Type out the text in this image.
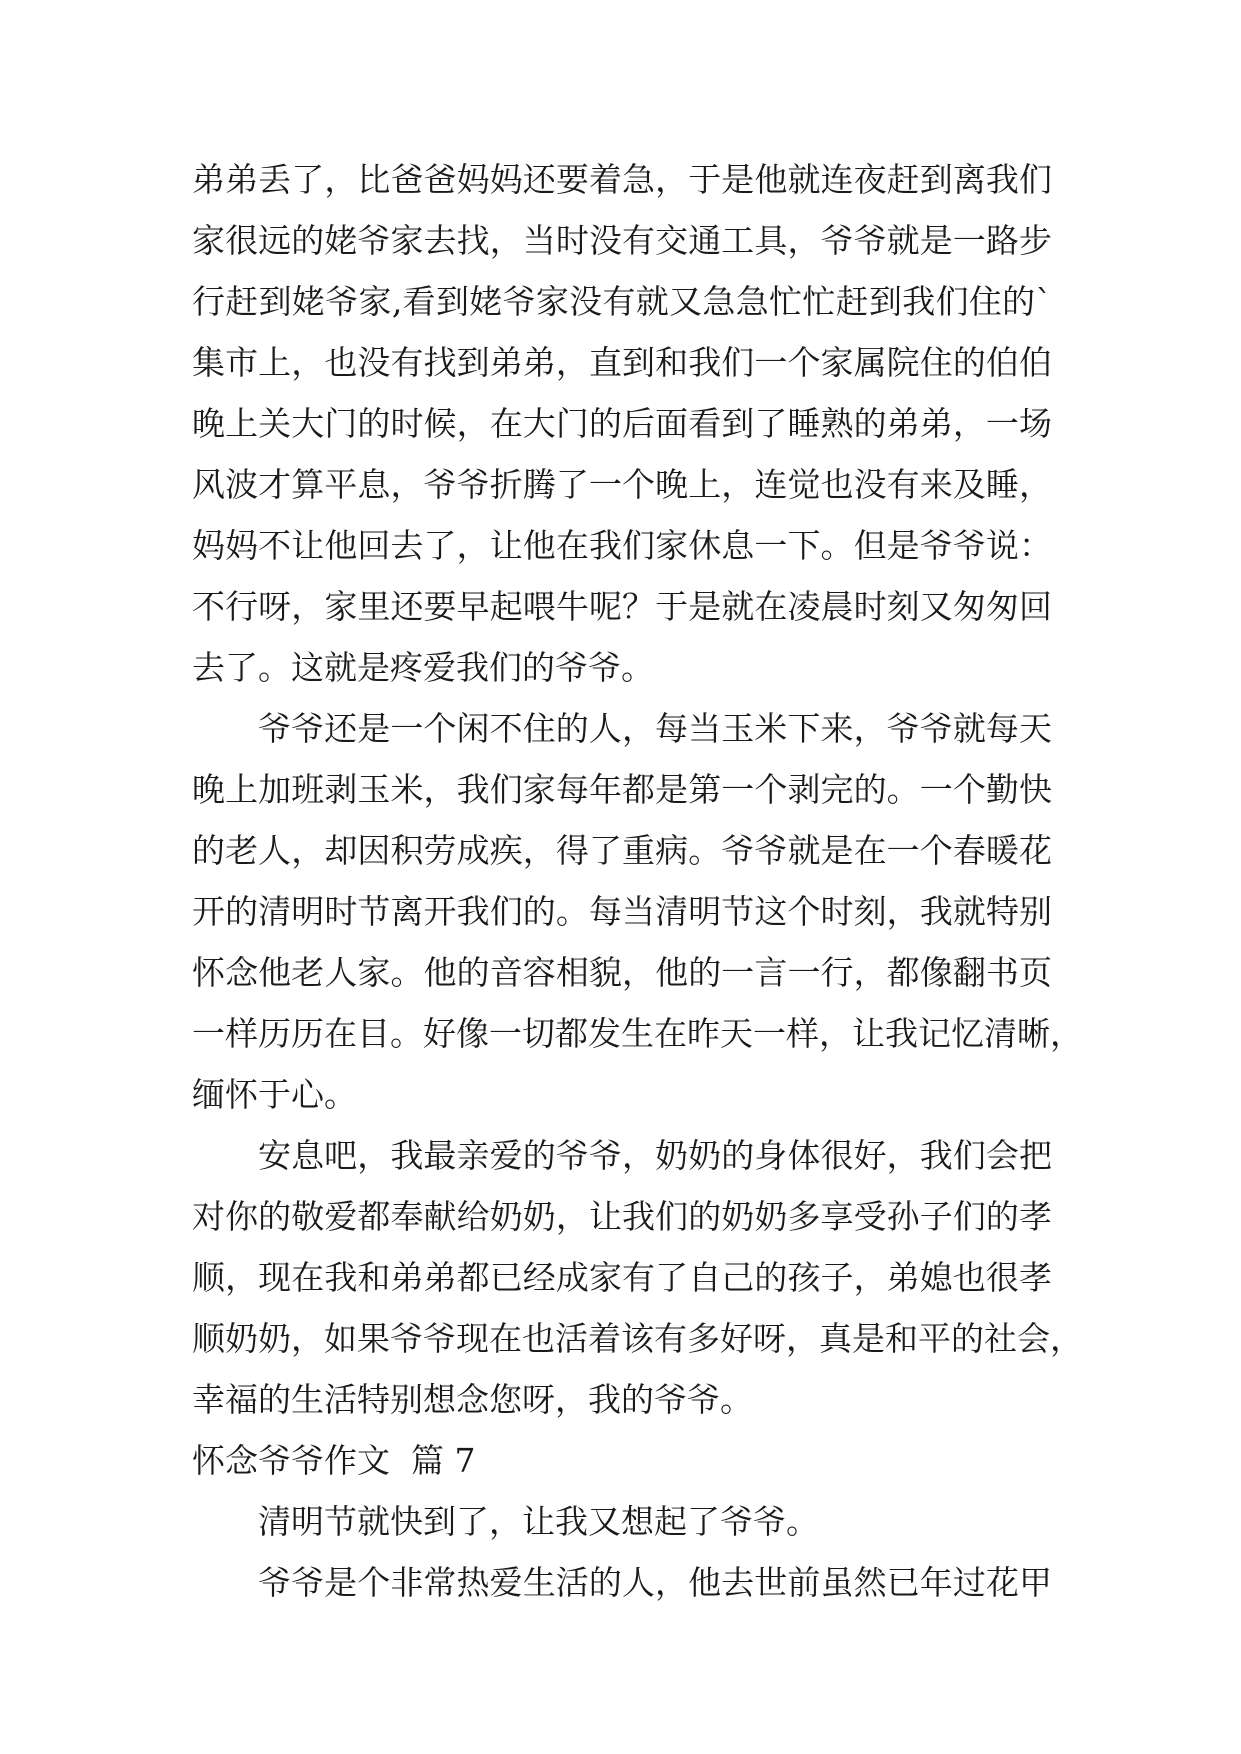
弟弟丢了，比爸爸妈妈还要着急，于是他就连夜赶到离我们
家很远的姥爷家去找，当时没有交通工具，爷爷就是一路步
行赶到姥爷家,看到姥爷家没有就又急急忙忙赶到我们住的`
集市上，也没有找到弟弟，直到和我们一个家属院住的伯伯
晚上关大门的时候，在大门的后面看到了睡熟的弟弟，一场
风波才算平息，爷爷折腾了一个晚上，连觉也没有来及睡，
妈妈不让他回去了，让他在我们家休息一下。但是爷爷说：
不行呀，家里还要早起喂牛呢？于是就在凌晨时刻又匆匆回
去了。这就是疼爱我们的爷爷。
爷爷还是一个闲不住的人，每当玉米下来，爷爷就每天
晚上加班剥玉米，我们家每年都是第一个剥完的。一个勤快
的老人，却因积劳成疾，得了重病。爷爷就是在一个春暖花
开的清明时节离开我们的。每当清明节这个时刻，我就特别
怀念他老人家。他的音容相貌，他的一言一行，都像翻书页
一样历历在目。好像一切都发生在昨天一样，让我记忆清晰，
缅怀于心。
安息吧，我最亲爱的爷爷，奶奶的身体很好，我们会把
对你的敬爱都奉献给奶奶，让我们的奶奶多享受孙子们的孝
顺，现在我和弟弟都已经成家有了自己的孩子，弟媳也很孝
顺奶奶，如果爷爷现在也活着该有多好呀，真是和平的社会，
幸福的生活特别想念您呀，我的爷爷。
怀念爷爷作文  篇 7
清明节就快到了，让我又想起了爷爷。
爷爷是个非常热爱生活的人，他去世前虽然已年过花甲
